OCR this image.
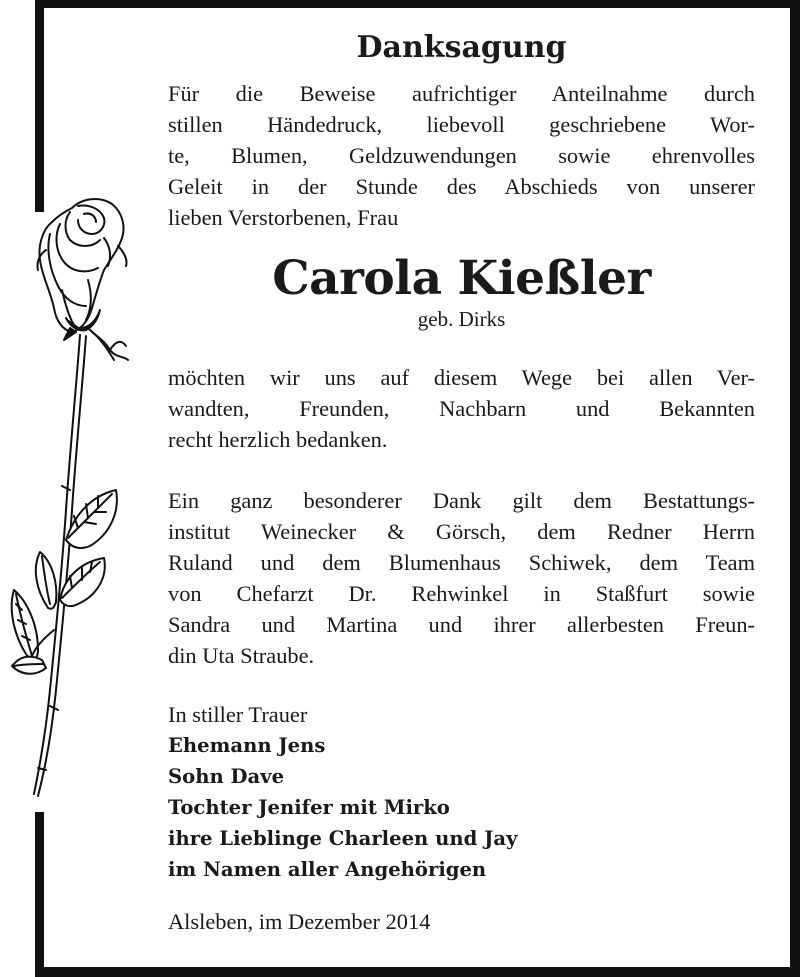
Danksagung

Für die Beweise aufrichtiger Anteilnahme durch
stillen Händedruck, liebevoll geschriebene Wor-
te, Blumen, Geldzuwendungen sowie ehrenvolles
Geleit in der Stunde des Abschieds von unserer
lieben Verstorbenen, Frau

Carola Kießler

geb. Dirks

möchten wir uns auf diesem Wege bei allen Ver-
wandten, Freunden, Nachbarn und Bekannten
recht herzlich bedanken.

Ein ganz besonderer Dank gilt dem Bestattungs-
institut Weinecker & Görsch, dem Redner Herrn
Ruland und dem Blumenhaus Schiwek, dem Team
von Chefarzt Dr. Rehwinkel in Staßfurt sowie
Sandra und Martina und ihrer allerbesten Freun-
din Uta Straube.

In stiller Trauer

Ehemann Jens
Sohn Dave
Tochter Jenifer mit Mirko
ihre Lieblinge Charleen und Jay
im Namen aller Angehörigen

Alsleben, im Dezember 2014
